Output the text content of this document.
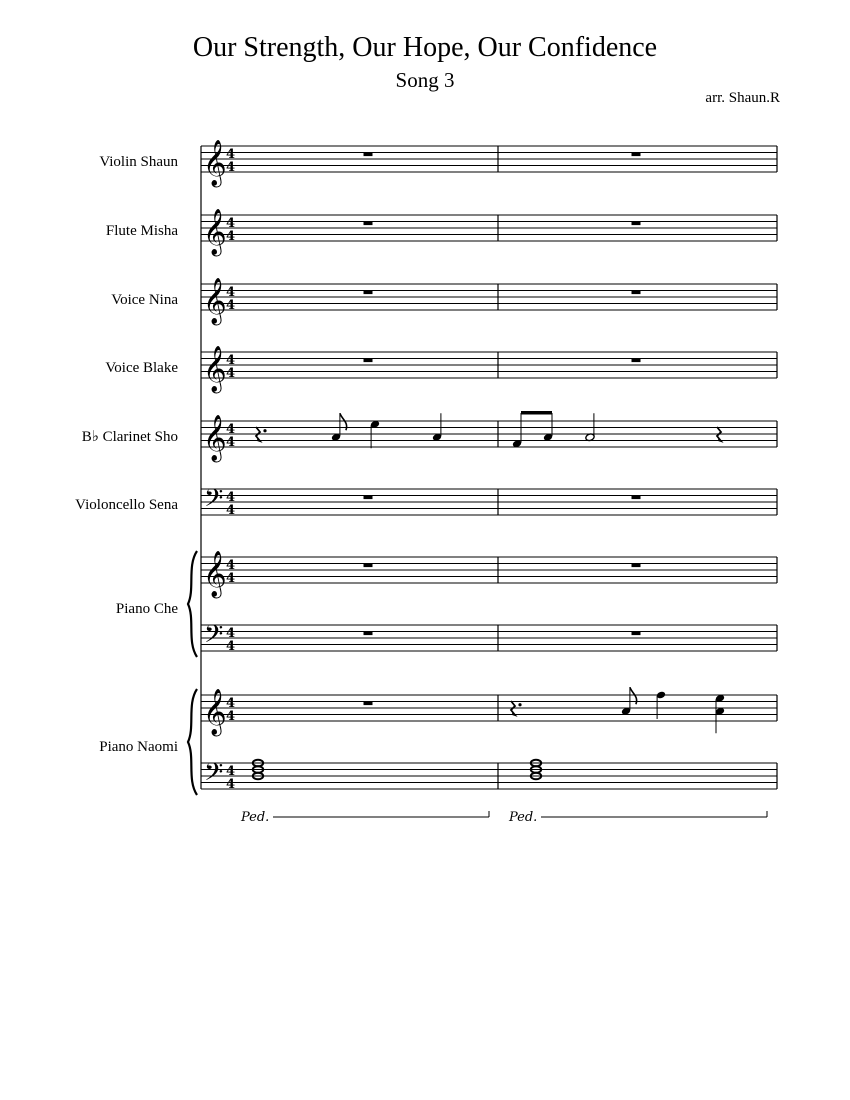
Our Strength, Our Hope, Our Confidence
Song 3
arr. Shaun.R
Violin Shaun
Flute Misha
Voice Nina
Voice Blake
B♭ Clarinet Sho
Violoncello Sena
Piano Che
Piano Naomi
𝄞 4
4
𝄞 4
4
𝄞 4
4
𝄞 4
4
𝄞 4
4
𝄢 4
4
𝄞 4
4
𝄢 4
4
𝄞 4
4
𝄢 4
4
Ped.	Ped.
